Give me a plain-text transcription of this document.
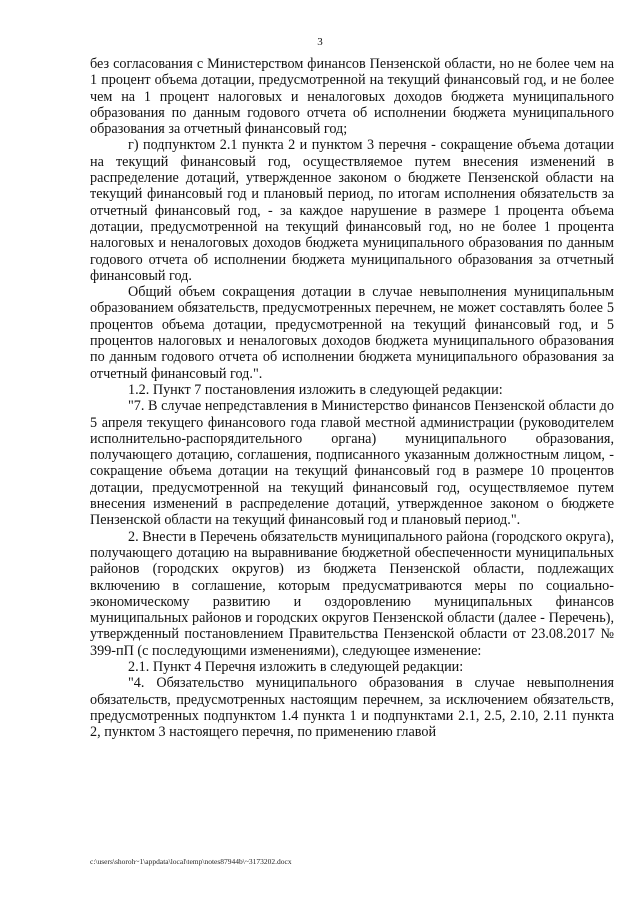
3

без согласования с Министерством финансов Пензенской области, но не более чем на 1 процент объема дотации, предусмотренной на текущий финансовый год, и не более чем на 1 процент налоговых и неналоговых доходов бюджета муниципального образования по данным годового отчета об исполнении бюджета муниципального образования за отчетный финансовый год;

г) подпунктом 2.1 пункта 2 и пунктом 3 перечня - сокращение объема дотации на текущий финансовый год, осуществляемое путем внесения изменений в распределение дотаций, утвержденное законом о бюджете Пензенской области на текущий финансовый год и плановый период, по итогам исполнения обязательств за отчетный финансовый год, - за каждое нарушение в размере 1 процента объема дотации, предусмотренной на текущий финансовый год, но не более 1 процента налоговых и неналоговых доходов бюджета муниципального образования по данным годового отчета об исполнении бюджета муниципального образования за отчетный финансовый год.

Общий объем сокращения дотации в случае невыполнения муниципальным образованием обязательств, предусмотренных перечнем, не может составлять более 5 процентов объема дотации, предусмотренной на текущий финансовый год, и 5 процентов налоговых и неналоговых доходов бюджета муниципального образования по данным годового отчета об исполнении бюджета муниципального образования за отчетный финансовый год.".

1.2. Пункт 7 постановления изложить в следующей редакции:

"7. В случае непредставления в Министерство финансов Пензенской области до 5 апреля текущего финансового года главой местной администрации (руководителем исполнительно-распорядительного органа) муниципального образования, получающего дотацию, соглашения, подписанного указанным должностным лицом, - сокращение объема дотации на текущий финансовый год в размере 10 процентов дотации, предусмотренной на текущий финансовый год, осуществляемое путем внесения изменений в распределение дотаций, утвержденное законом о бюджете Пензенской области на текущий финансовый год и плановый период.".

2. Внести в Перечень обязательств муниципального района (городского округа), получающего дотацию на выравнивание бюджетной обеспеченности муниципальных районов (городских округов) из бюджета Пензенской области, подлежащих включению в соглашение, которым предусматриваются меры по социально-экономическому развитию и оздоровлению муниципальных финансов муниципальных районов и городских округов Пензенской области (далее - Перечень), утвержденный постановлением Правительства Пензенской области от 23.08.2017 № 399-пП (с последующими изменениями), следующее изменение:

2.1. Пункт 4 Перечня изложить в следующей редакции:

"4. Обязательство муниципального образования в случае невыполнения обязательств, предусмотренных настоящим перечнем, за исключением обязательств, предусмотренных подпунктом 1.4 пункта 1 и подпунктами 2.1, 2.5, 2.10, 2.11 пункта 2, пунктом 3 настоящего перечня, по применению главой

c:\users\shoroh~1\appdata\local\temp\notes87944b\~3173202.docx
